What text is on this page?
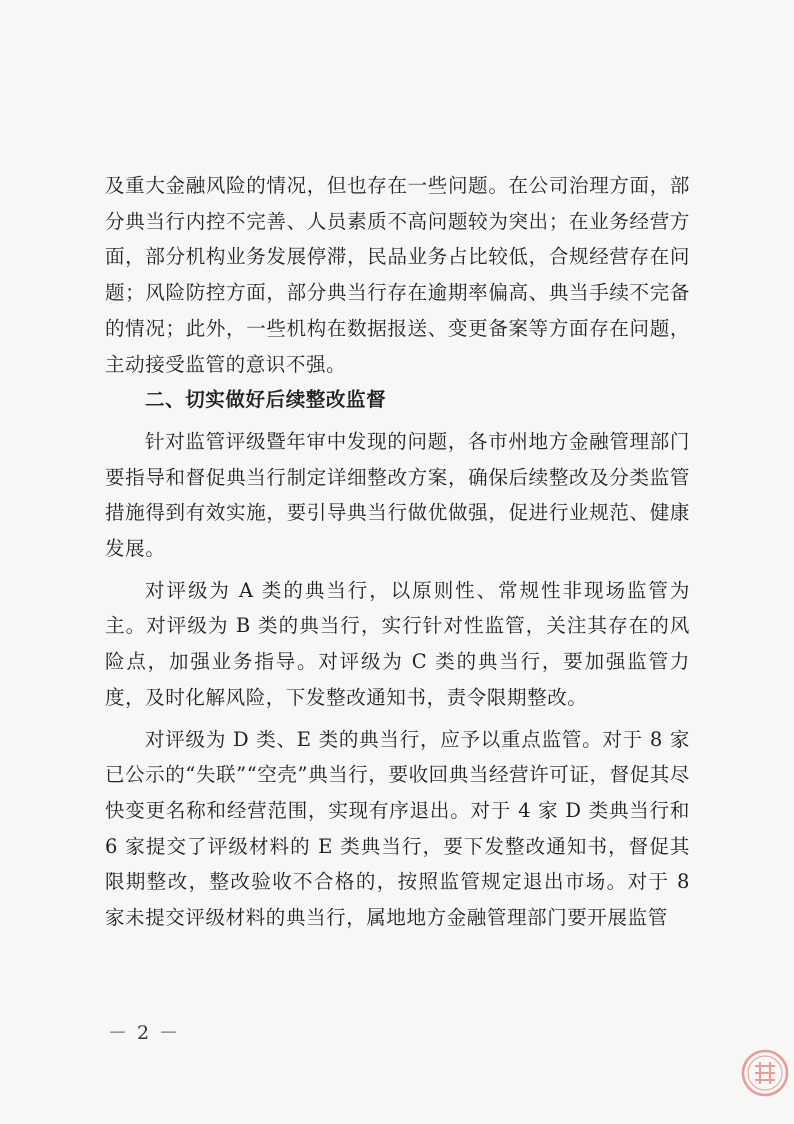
及重大金融风险的情况，但也存在一些问题。在公司治理方面，部分典当行内控不完善、人员素质不高问题较为突出；在业务经营方面，部分机构业务发展停滞，民品业务占比较低，合规经营存在问题；风险防控方面，部分典当行存在逾期率偏高、典当手续不完备的情况；此外，一些机构在数据报送、变更备案等方面存在问题，主动接受监管的意识不强。

二、切实做好后续整改监督

针对监管评级暨年审中发现的问题，各市州地方金融管理部门要指导和督促典当行制定详细整改方案，确保后续整改及分类监管措施得到有效实施，要引导典当行做优做强，促进行业规范、健康发展。

对评级为 A 类的典当行，以原则性、常规性非现场监管为主。对评级为 B 类的典当行，实行针对性监管，关注其存在的风险点，加强业务指导。对评级为 C 类的典当行，要加强监管力度，及时化解风险，下发整改通知书，责令限期整改。

对评级为 D 类、E 类的典当行，应予以重点监管。对于 8 家已公示的“失联”“空壳”典当行，要收回典当经营许可证，督促其尽快变更名称和经营范围，实现有序退出。对于 4 家 D 类典当行和 6 家提交了评级材料的 E 类典当行，要下发整改通知书，督促其限期整改，整改验收不合格的，按照监管规定退出市场。对于 8 家未提交评级材料的典当行，属地地方金融管理部门要开展监管

－ 2 －
